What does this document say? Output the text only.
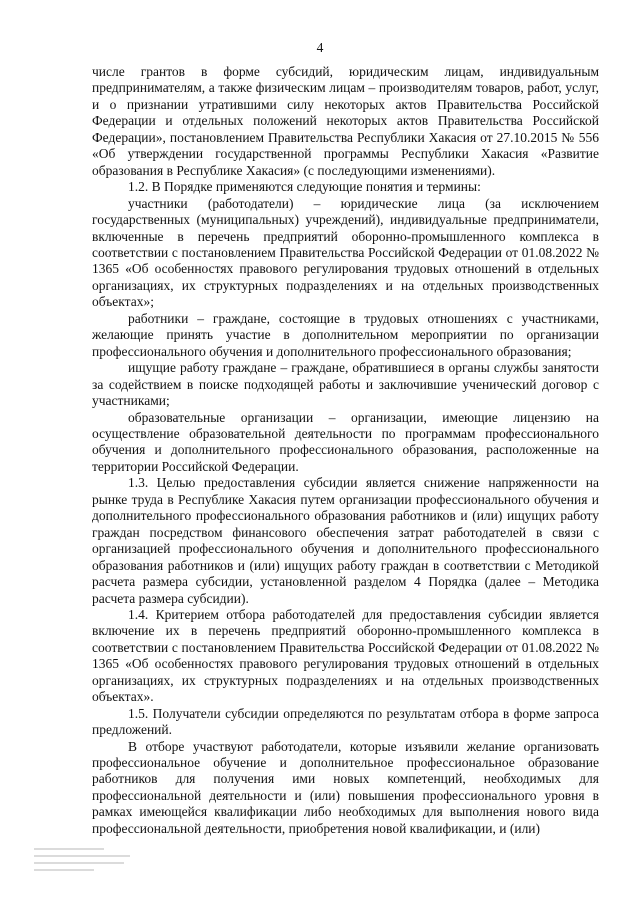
4

числе грантов в форме субсидий, юридическим лицам, индивидуальным предпринимателям, а также физическим лицам – производителям товаров, работ, услуг, и о признании утратившими силу некоторых актов Правительства Российской Федерации и отдельных положений некоторых актов Правительства Российской Федерации», постановлением Правительства Республики Хакасия от 27.10.2015 № 556 «Об утверждении государственной программы Республики Хакасия «Развитие образования в Республике Хакасия» (с последующими изменениями).

1.2. В Порядке применяются следующие понятия и термины:

участники (работодатели) – юридические лица (за исключением государственных (муниципальных) учреждений), индивидуальные предприниматели, включенные в перечень предприятий оборонно-промышленного комплекса в соответствии с постановлением Правительства Российской Федерации от 01.08.2022 № 1365 «Об особенностях правового регулирования трудовых отношений в отдельных организациях, их структурных подразделениях и на отдельных производственных объектах»;

работники – граждане, состоящие в трудовых отношениях с участниками, желающие принять участие в дополнительном мероприятии по организации профессионального обучения и дополнительного профессионального образования;

ищущие работу граждане – граждане, обратившиеся в органы службы занятости за содействием в поиске подходящей работы и заключившие ученический договор с участниками;

образовательные организации – организации, имеющие лицензию на осуществление образовательной деятельности по программам профессионального обучения и дополнительного профессионального образования, расположенные на территории Российской Федерации.

1.3. Целью предоставления субсидии является снижение напряженности на рынке труда в Республике Хакасия путем организации профессионального обучения и дополнительного профессионального образования работников и (или) ищущих работу граждан посредством финансового обеспечения затрат работодателей в связи с организацией профессионального обучения и дополнительного профессионального образования работников и (или) ищущих работу граждан в соответствии с Методикой расчета размера субсидии, установленной разделом 4 Порядка (далее – Методика расчета размера субсидии).

1.4. Критерием отбора работодателей для предоставления субсидии является включение их в перечень предприятий оборонно-промышленного комплекса в соответствии с постановлением Правительства Российской Федерации от 01.08.2022 № 1365 «Об особенностях правового регулирования трудовых отношений в отдельных организациях, их структурных подразделениях и на отдельных производственных объектах».

1.5. Получатели субсидии определяются по результатам отбора в форме запроса предложений.

В отборе участвуют работодатели, которые изъявили желание организовать профессиональное обучение и дополнительное профессиональное образование работников для получения ими новых компетенций, необходимых для профессиональной деятельности и (или) повышения профессионального уровня в рамках имеющейся квалификации либо необходимых для выполнения нового вида профессиональной деятельности, приобретения новой квалификации, и (или)
